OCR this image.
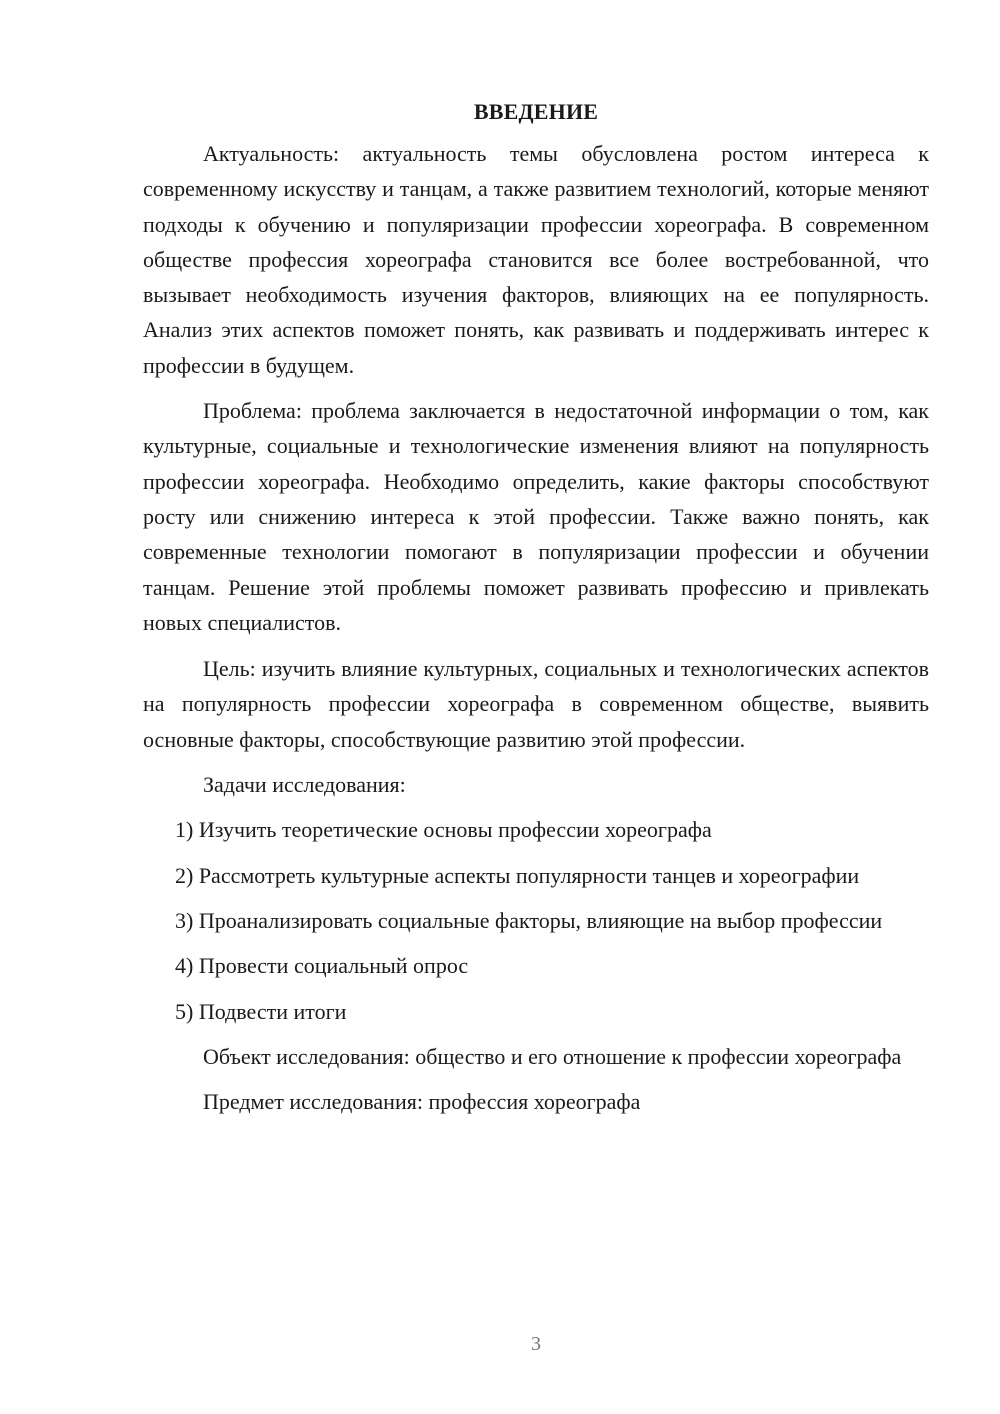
ВВЕДЕНИЕ

Актуальность: актуальность темы обусловлена ростом интереса к современному искусству и танцам, а также развитием технологий, которые меняют подходы к обучению и популяризации профессии хореографа. В современном обществе профессия хореографа становится все более востребованной, что вызывает необходимость изучения факторов, влияющих на ее популярность. Анализ этих аспектов поможет понять, как развивать и поддерживать интерес к профессии в будущем.

Проблема: проблема заключается в недостаточной информации о том, как культурные, социальные и технологические изменения влияют на популярность профессии хореографа. Необходимо определить, какие факторы способствуют росту или снижению интереса к этой профессии. Также важно понять, как современные технологии помогают в популяризации профессии и обучении танцам. Решение этой проблемы поможет развивать профессию и привлекать новых специалистов.

Цель: изучить влияние культурных, социальных и технологических аспектов на популярность профессии хореографа в современном обществе, выявить основные факторы, способствующие развитию этой профессии.

Задачи исследования:

1) Изучить теоретические основы профессии хореографа

2) Рассмотреть культурные аспекты популярности танцев и хореографии

3) Проанализировать социальные факторы, влияющие на выбор профессии

4) Провести социальный опрос

5) Подвести итоги

Объект исследования: общество и его отношение к профессии хореографа

Предмет исследования: профессия хореографа

3
